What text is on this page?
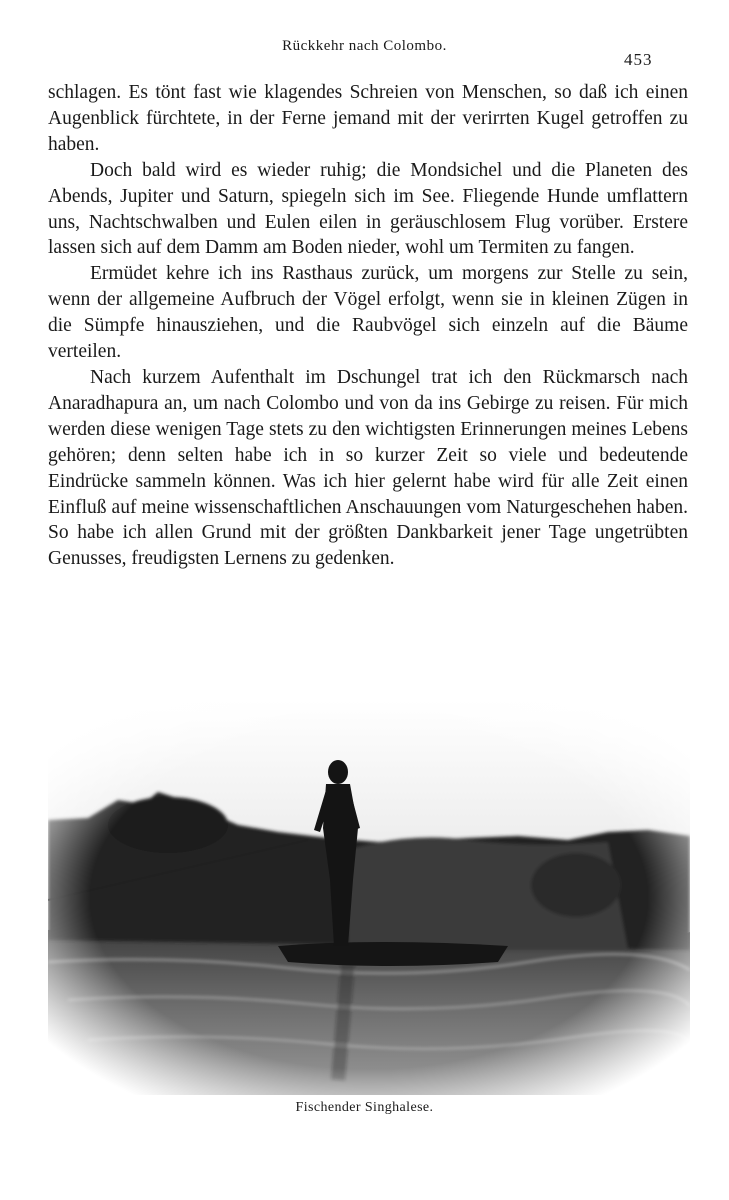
Rückkehr nach Colombo.
453

schlagen. Es tönt fast wie klagendes Schreien von Menschen, so daß ich einen Augenblick fürchtete, in der Ferne jemand mit der verirrten Kugel getroffen zu haben.

Doch bald wird es wieder ruhig; die Mondsichel und die Planeten des Abends, Jupiter und Saturn, spiegeln sich im See. Fliegende Hunde umflattern uns, Nachtschwalben und Eulen eilen in geräuschlosem Flug vorüber. Erstere lassen sich auf dem Damm am Boden nieder, wohl um Termiten zu fangen.

Ermüdet kehre ich ins Rasthaus zurück, um morgens zur Stelle zu sein, wenn der allgemeine Aufbruch der Vögel erfolgt, wenn sie in kleinen Zügen in die Sümpfe hinausziehen, und die Raubvögel sich einzeln auf die Bäume verteilen.

Nach kurzem Aufenthalt im Dschungel trat ich den Rückmarsch nach Anaradhapura an, um nach Colombo und von da ins Gebirge zu reisen. Für mich werden diese wenigen Tage stets zu den wichtigsten Erinnerungen meines Lebens gehören; denn selten habe ich in so kurzer Zeit so viele und bedeutende Eindrücke sammeln können. Was ich hier gelernt habe wird für alle Zeit einen Einfluß auf meine wissenschaftlichen Anschauungen vom Naturgeschehen haben. So habe ich allen Grund mit der größten Dankbarkeit jener Tage ungetrübten Genusses, freudigsten Lernens zu gedenken.

Fischender Singhalese.
